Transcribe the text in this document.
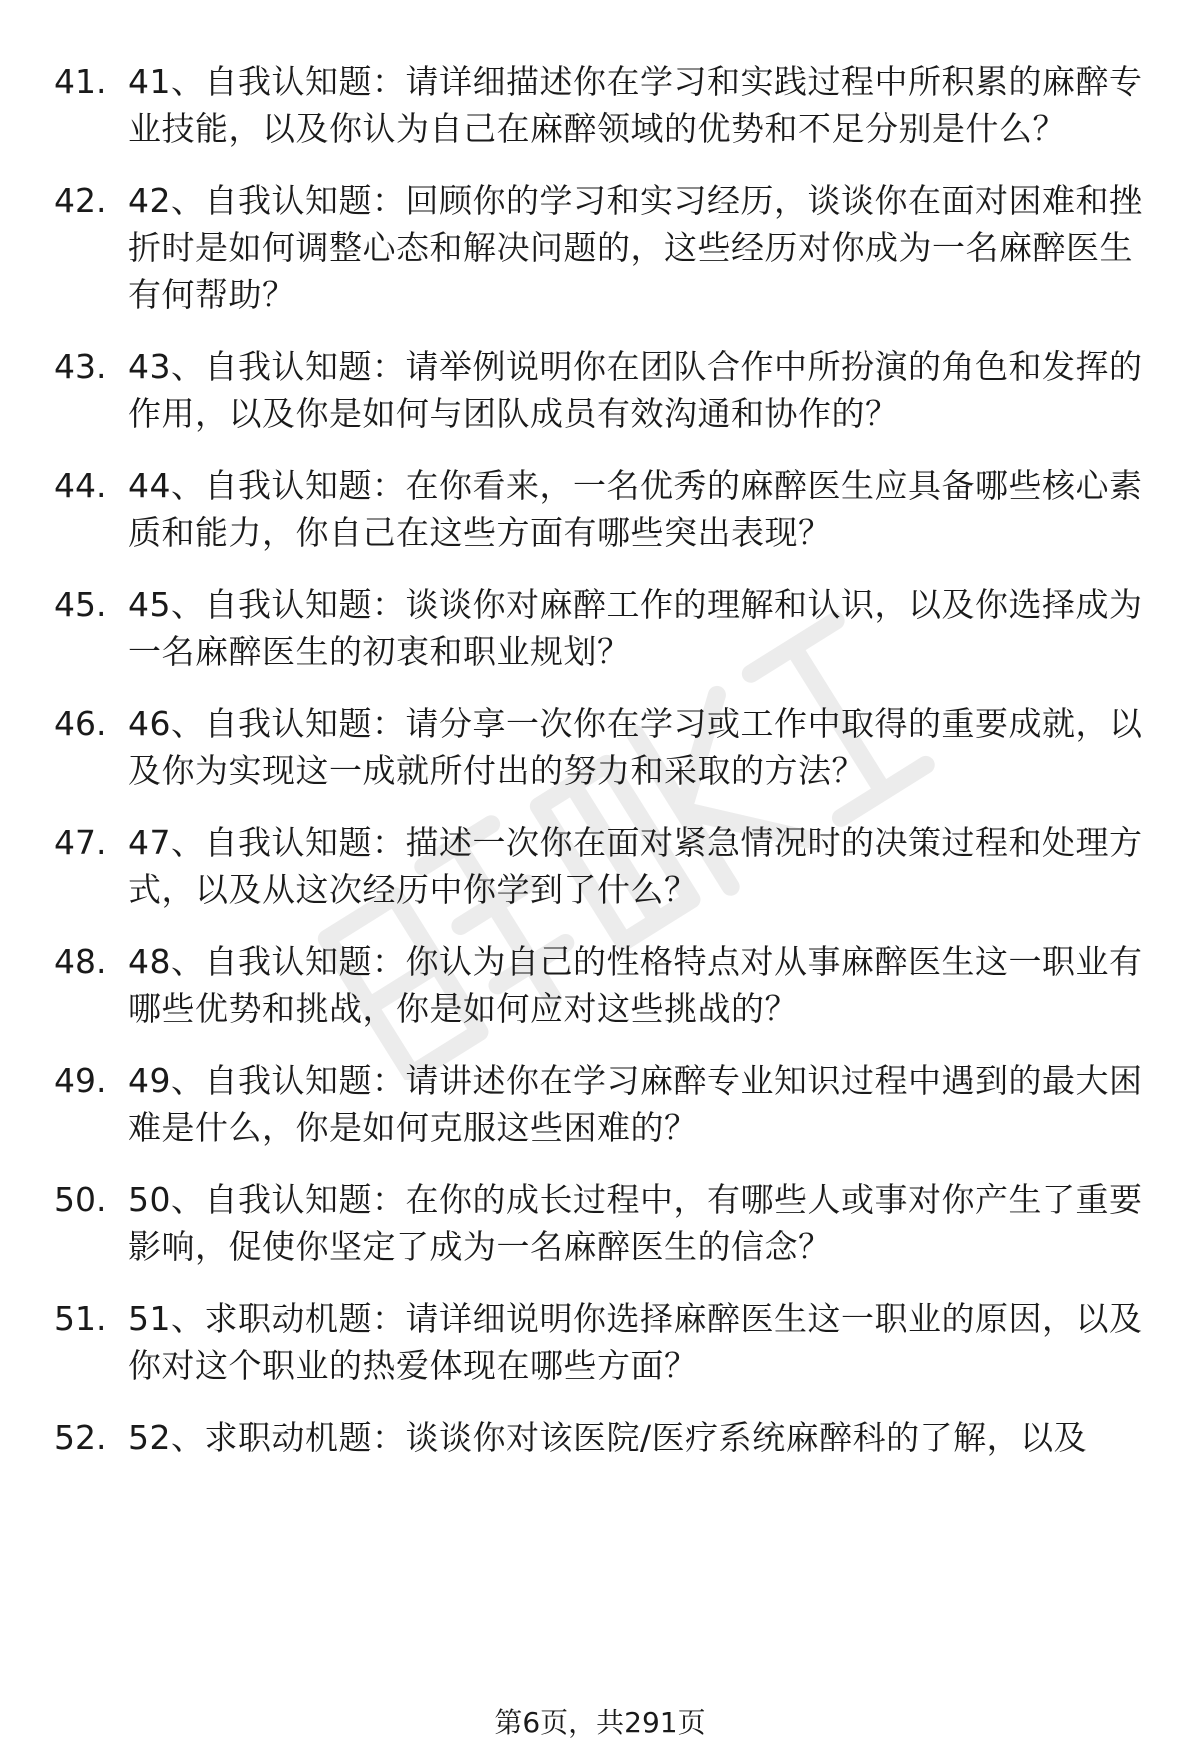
41. 41、自我认知题：请详细描述你在学习和实践过程中所积累的麻醉专业技能，以及你认为自己在麻醉领域的优势和不足分别是什么？
42. 42、自我认知题：回顾你的学习和实习经历，谈谈你在面对困难和挫折时是如何调整心态和解决问题的，这些经历对你成为一名麻醉医生有何帮助？
43. 43、自我认知题：请举例说明你在团队合作中所扮演的角色和发挥的作用，以及你是如何与团队成员有效沟通和协作的？
44. 44、自我认知题：在你看来，一名优秀的麻醉医生应具备哪些核心素质和能力，你自己在这些方面有哪些突出表现？
45. 45、自我认知题：谈谈你对麻醉工作的理解和认识，以及你选择成为一名麻醉医生的初衷和职业规划？
46. 46、自我认知题：请分享一次你在学习或工作中取得的重要成就，以及你为实现这一成就所付出的努力和采取的方法？
47. 47、自我认知题：描述一次你在面对紧急情况时的决策过程和处理方式，以及从这次经历中你学到了什么？
48. 48、自我认知题：你认为自己的性格特点对从事麻醉医生这一职业有哪些优势和挑战，你是如何应对这些挑战的？
49. 49、自我认知题：请讲述你在学习麻醉专业知识过程中遇到的最大困难是什么，你是如何克服这些困难的？
50. 50、自我认知题：在你的成长过程中，有哪些人或事对你产生了重要影响，促使你坚定了成为一名麻醉医生的信念？
51. 51、求职动机题：请详细说明你选择麻醉医生这一职业的原因，以及你对这个职业的热爱体现在哪些方面？
52. 52、求职动机题：谈谈你对该医院/医疗系统麻醉科的了解，以及
第6页，共291页
